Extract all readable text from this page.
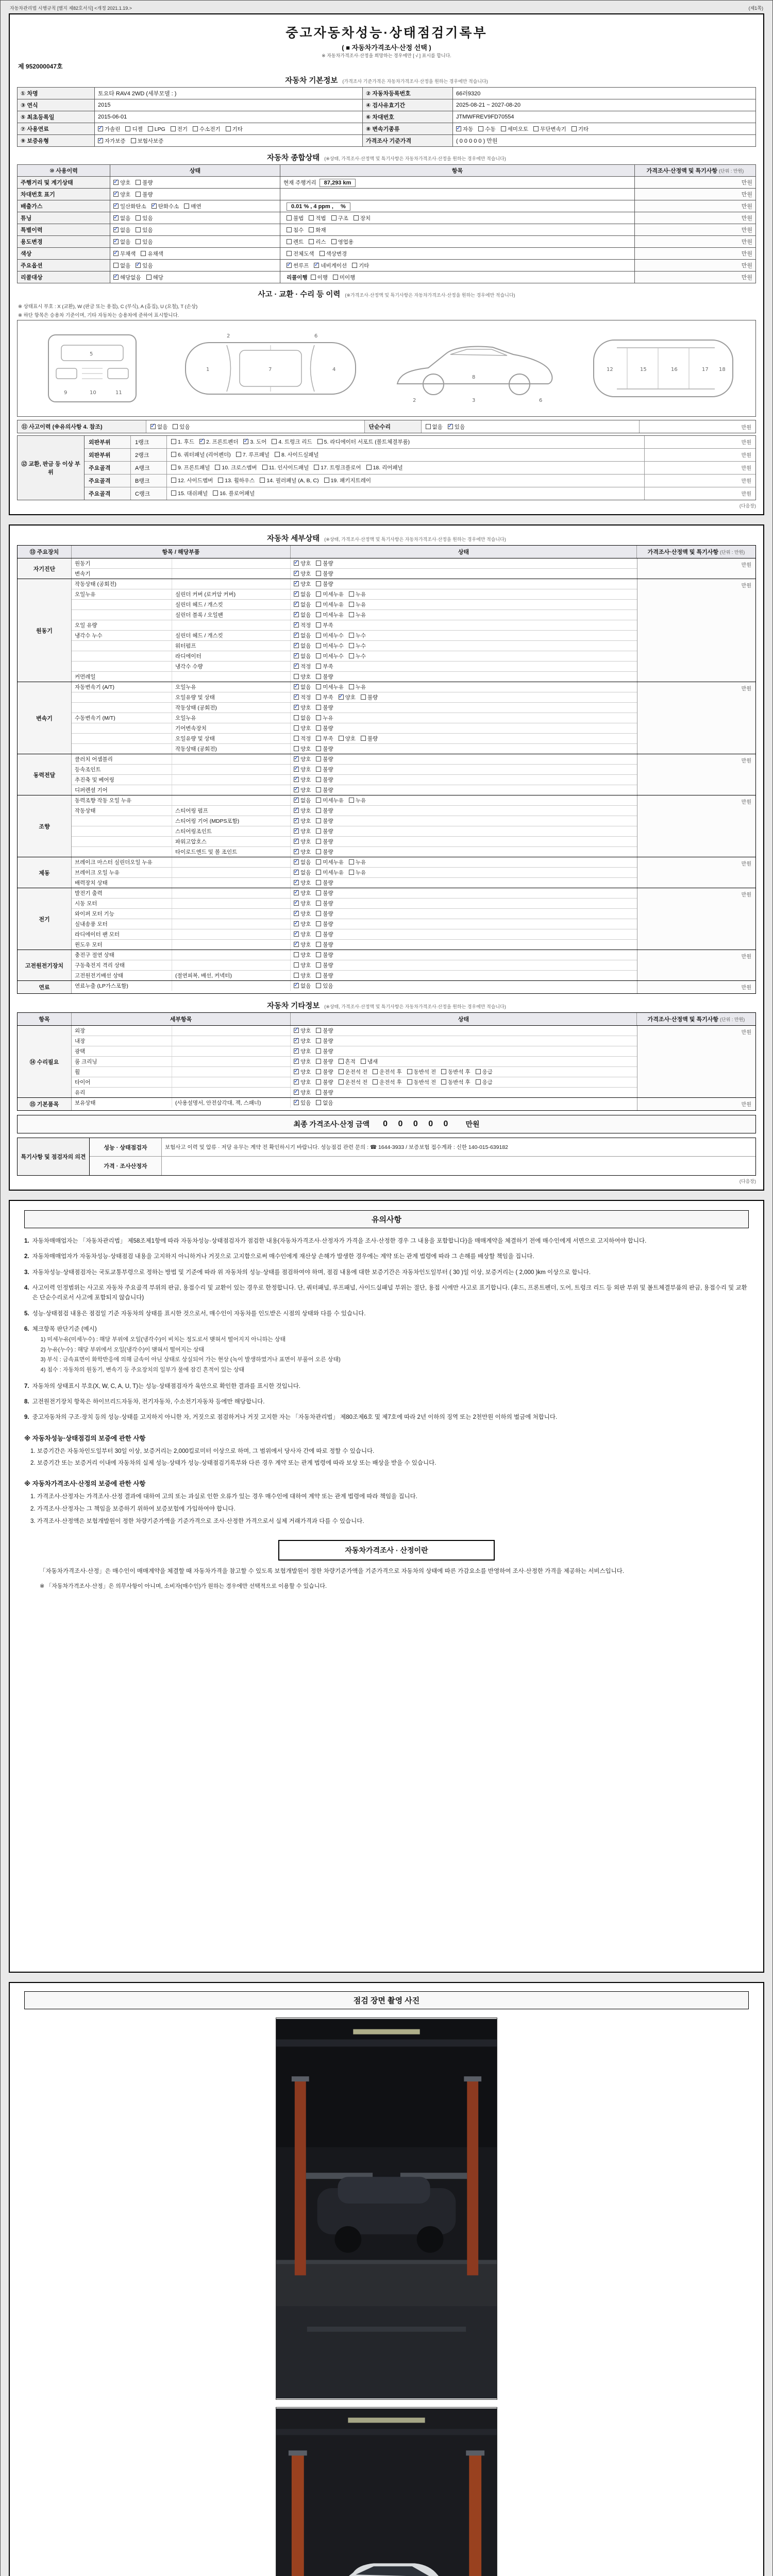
자동차관리법 시행규칙 [별지 제82호서식] <개정 2021.1.19.>	(제1쪽)
중고자동차성능·상태점검기록부
( ■ 자동차가격조사·산정 선택 )
※ 자동차가격조사·산정을 희망하는 경우에만 [ √ ] 표시를 합니다.
제 952000047호
자동차 기본정보 (가격조사 기준가격은 자동차가격조사·산정을 원하는 경우에만 적습니다)
① 차명	토요타 RAV4 2WD (세부모델 : )	② 자동차등록번호	66러9320
③ 연식	2015	④ 검사유효기간	2025-08-21 ~ 2027-08-20
⑤ 최초등록일	2015-06-01	⑥ 차대번호	JTMWFREV9FD70554
⑦ 사용연료	✓가솔린 디젤 LPG 전기 수소전기 기타	⑧ 변속기종류	✓자동 수동 세미오토 무단변속기 기타
⑨ 보증유형	✓자가보증 보험사보증	가격조사 기준가격	( 0 0 0 0 0 ) 만원
자동차 종합상태 (※상태, 가격조사·산정액 및 특기사항은 자동차가격조사·산정을 원하는 경우에만 적습니다)
⑩ 사용이력	상태	항목	가격조사·산정액 및 특기사항 (단위 : 만원)
주행거리 및 계기상태	✓양호 불량	현재 주행거리 87,293 km	만원
차대번호 표기	✓양호 불량		만원
배출가스	✓일산화탄소 ✓ 탄화수소 매연	0.01 % , 4 ppm ,　 %	만원
튜닝	✓없음 있음	불법 적법 구조 장치	만원
특별이력	✓없음 있음	침수 화재	만원
용도변경	✓없음 있음	렌트 리스 영업용	만원
색상	✓무채색 유채색	전체도색 색상변경	만원
주요옵션	없음 ✓ 있음	✓썬루프 ✓ 네비게이션 기타	만원
리콜대상	✓해당없음 해당	리콜이행 이행 미이행	만원
사고 · 교환 · 수리 등 이력 (※가격조사·산정액 및 특기사항은 자동차가격조사·산정을 원하는 경우에만 적습니다)
※ 상태표시 부호 : X (교환), W (판금 또는 용접), C (부식), A (흠집), U (요철), T (손상)
※ 하단 항목은 승용차 기준이며, 기타 자동차는 승용차에 준하여 표시합니다.
5
9	10	11
1	7	4
2	6
2	3	6
8
12	15	16	17 18
⑪ 사고이력 (※유의사항 4. 참조) ✓	없음 있음	단순수리	없음 ✓ 있음	만원
⑫ 교환, 판금 등 이상 부위
외판부위	1랭크	1. 후드 ✓ 2. 프론트펜더 ✓ 3. 도어 4. 트렁크 리드 5. 라디에이터 서포트 (볼트체결부품)	만원
외판부위	2랭크	6. 쿼터패널 (리어펜더) 7. 루프패널 8. 사이드실패널	만원
주요골격	A랭크	9. 프론트패널 10. 크로스멤버 11. 인사이드패널 17. 트렁크플로어 18. 리어패널	만원
주요골격	B랭크	12. 사이드멤버 13. 휠하우스 14. 필러패널 (A, B, C) 19. 패키지트레이	만원
주요골격	C랭크	15. 대쉬패널 16. 플로어패널	만원
(다음장)
자동차 세부상태 (※상태, 가격조사·산정액 및 특기사항은 자동차가격조사·산정을 원하는 경우에만 적습니다)
⑬ 주요장치	항목 / 해당부품	상태	가격조사·산정액 및 특기사항 (단위 : 만원)
자기진단
원동기 ✓	양호 불량
변속기 ✓	양호 불량
만원
원동기
작동상태 (공회전) ✓	양호 불량
오일누유	실린더 커버 (로커암 커버) ✓	없음 미세누유 누유
실린더 헤드 / 개스킷 ✓	없음 미세누유 누유
실린더 블록 / 오일팬 ✓	없음 미세누유 누유
오일 유량 ✓	적정 부족
냉각수 누수	실린더 헤드 / 개스킷 ✓	없음 미세누수 누수
워터펌프 ✓	없음 미세누수 누수
라디에이터 ✓	없음 미세누수 누수
냉각수 수량 ✓	적정 부족
커먼레일	양호 불량
만원
변속기
자동변속기 (A/T)	오일누유 ✓	없음 미세누유 누유
오일유량 및 상태 ✓	적정 부족 ✓ 양호 불량
작동상태 (공회전) ✓	양호 불량
수동변속기 (M/T)	오일누유	없음 누유
기어변속장치	양호 불량
오일유량 및 상태	적정 부족 양호 불량
작동상태 (공회전)	양호 불량
만원
동력전달
클러치 어셈블리 ✓	양호 불량
등속조인트 ✓	양호 불량
추진축 및 베어링 ✓	양호 불량
디퍼렌셜 기어 ✓	양호 불량
만원
조향
동력조향 작동 오일 누유 ✓	없음 미세누유 누유
작동상태	스티어링 펌프 ✓	양호 불량
스티어링 기어 (MDPS포함) ✓	양호 불량
스티어링조인트 ✓	양호 불량
파워고압호스 ✓	양호 불량
타이로드엔드 및 볼 조인트 ✓	양호 불량
만원
제동
브레이크 마스터 실린더오일 누유 ✓	없음 미세누유 누유
브레이크 오일 누유 ✓	없음 미세누유 누유
배력장치 상태 ✓	양호 불량
만원
전기
발전기 출력 ✓	양호 불량
시동 모터 ✓	양호 불량
와이퍼 모터 기능 ✓	양호 불량
실내송풍 모터 ✓	양호 불량
라디에이터 팬 모터 ✓	양호 불량
윈도우 모터 ✓	양호 불량
만원
고전원전기장치
충전구 절연 상태	양호 불량
구동축전지 격리 상태	양호 불량
고전원전기배선 상태	(절연피복, 배선, 커넥터)	양호 불량
만원
연료	연료누출 (LP가스포함) ✓	없음 있음	만원
자동차 기타정보 (※상태, 가격조사·산정액 및 특기사항은 자동차가격조사·산정을 원하는 경우에만 적습니다)
항목	세부항목	상태	가격조사·산정액 및 특기사항 (단위 : 만원)
⑭ 수리필요
외장 ✓	양호 불량
내장 ✓	양호 불량
광택 ✓	양호 불량
룸 크리닝 ✓	양호 불량 흔적 냄새
휠 ✓	양호 불량 운전석 전 운전석 후 동반석 전 동반석 후 응급
타이어 ✓	양호 불량 운전석 전 운전석 후 동반석 전 동반석 후 응급
유리 ✓	양호 불량
만원
⑮ 기본품목	보유상태	(사용설명서, 안전삼각대, 잭, 스패너) ✓	있음 없음	만원
최종 가격조사·산정 금액 0 0 0 0 0 만원
특기사항 및 점검자의 의견
성능 · 상태점검자	보험사고 이력 및 압류 · 저당 유무는 계약 전 확인하시기 바랍니다. 성능점검 관련 문의 : ☎ 1644-3933 / 보증보험 접수계좌 : 신한 140-015-639182
가격 · 조사산정자
(다음장)
유의사항
1. 자동차매매업자는 「자동차관리법」 제58조제1항에 따라 자동차성능·상태점검자가 점검한 내용(자동차가격조사·산정자가 가격을 조사·산정한 경우 그 내용을 포함합니다)을 매매계약을 체결하기 전에 매수인에게 서면으로 고지하여야 합니다.
2. 자동차매매업자가 자동차성능·상태점검 내용을 고지하지 아니하거나 거짓으로 고지함으로써 매수인에게 재산상 손해가 발생한 경우에는 계약 또는 관계 법령에 따라 그 손해를 배상할 책임을 집니다.
3. 자동차성능·상태점검자는 국토교통부령으로 정하는 방법 및 기준에 따라 위 자동차의 성능·상태를 점검하여야 하며, 점검 내용에 대한 보증기간은 자동차인도일부터 ( 30 )일 이상, 보증거리는 ( 2,000 )km 이상으로 합니다.
4. 사고이력 인정범위는 사고로 자동차 주요골격 부위의 판금, 용접수리 및 교환이 있는 경우로 한정합니다. 단, 쿼터패널, 루프패널, 사이드실패널 부위는 절단, 용접 시에만 사고로 표기합니다. (후드, 프론트펜더, 도어, 트렁크 리드 등 외판 부위 및 볼트체결부품의 판금, 용접수리 및 교환은 단순수리로서 사고에 포함되지 않습니다)
5. 성능·상태점검 내용은 점검일 기준 자동차의 상태를 표시한 것으로서, 매수인이 자동차를 인도받은 시점의 상태와 다를 수 있습니다.
6. 체크항목 판단기준 (예시)
1) 미세누유(미세누수) : 해당 부위에 오일(냉각수)이 비치는 정도로서 맺혀서 떨어지지 아니하는 상태
2) 누유(누수) : 해당 부위에서 오일(냉각수)이 맺혀서 떨어지는 상태
3) 부식 : 금속표면이 화학반응에 의해 금속이 아닌 상태로 상실되어 가는 현상 (녹이 발생하였거나 표면이 부풀어 오른 상태)
4) 침수 : 자동차의 원동기, 변속기 등 주요장치의 일부가 물에 잠긴 흔적이 있는 상태
7. 자동차의 상태표시 부호(X, W, C, A, U, T)는 성능·상태점검자가 육안으로 확인한 결과를 표시한 것입니다.
8. 고전원전기장치 항목은 하이브리드자동차, 전기자동차, 수소전기자동차 등에만 해당합니다.
9. 중고자동차의 구조·장치 등의 성능·상태를 고지하지 아니한 자, 거짓으로 점검하거나 거짓 고지한 자는 「자동차관리법」 제80조제6호 및 제7호에 따라 2년 이하의 징역 또는 2천만원 이하의 벌금에 처합니다.
※ 자동차성능·상태점검의 보증에 관한 사항
1. 보증기간은 자동차인도일부터 30일 이상, 보증거리는 2,000킬로미터 이상으로 하며, 그 범위에서 당사자 간에 따로 정할 수 있습니다.
2. 보증기간 또는 보증거리 이내에 자동차의 실제 성능·상태가 성능·상태점검기록부와 다른 경우 계약 또는 관계 법령에 따라 보상 또는 배상을 받을 수 있습니다.
※ 자동차가격조사·산정의 보증에 관한 사항
1. 가격조사·산정자는 가격조사·산정 결과에 대하여 고의 또는 과실로 인한 오류가 있는 경우 매수인에 대하여 계약 또는 관계 법령에 따라 책임을 집니다.
2. 가격조사·산정자는 그 책임을 보증하기 위하여 보증보험에 가입하여야 합니다.
3. 가격조사·산정액은 보험개발원이 정한 차량기준가액을 기준가격으로 조사·산정한 가격으로서 실제 거래가격과 다를 수 있습니다.
자동차가격조사 · 산정이란
「자동차가격조사·산정」은 매수인이 매매계약을 체결할 때 자동차가격을 참고할 수 있도록 보험개발원이 정한 차량기준가액을 기준가격으로 자동차의 상태에 따른 가감요소를 반영하여 조사·산정한 가격을 제공하는 서비스입니다.
※ 「자동차가격조사·산정」은 의무사항이 아니며, 소비자(매수인)가 원하는 경우에만 선택적으로 이용할 수 있습니다.
점검 장면 촬영 사진
